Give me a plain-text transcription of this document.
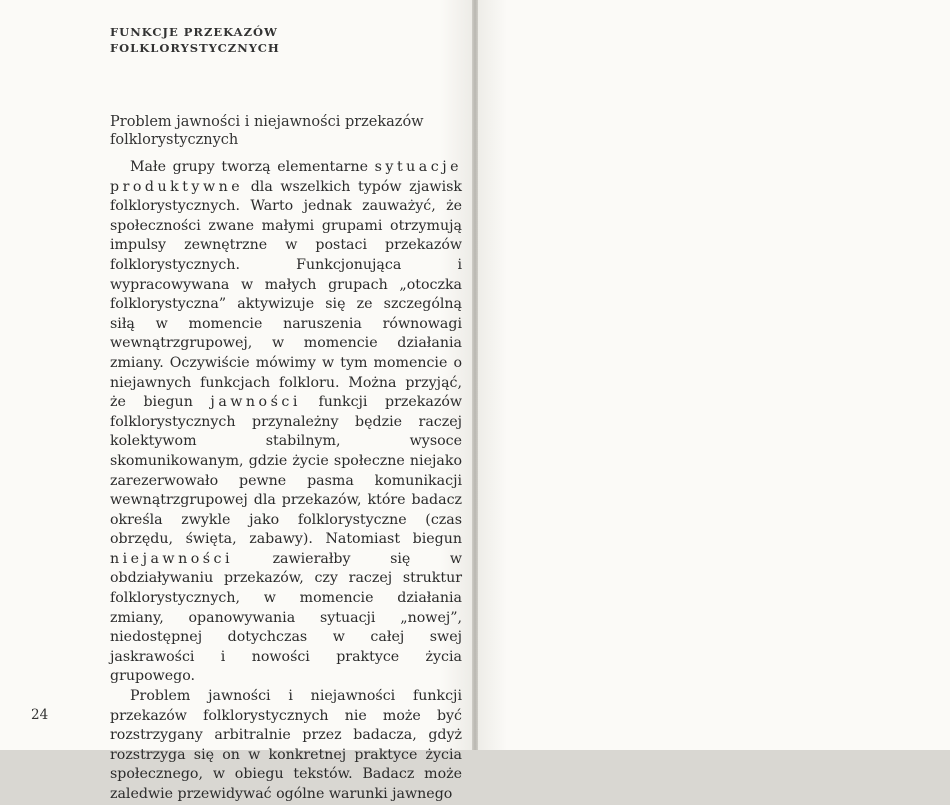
FUNKCJE PRZEKAZÓW FOLKLORYSTYCZNYCH
Problem jawności i niejawności przekazów folklorystycznych

Małe grupy tworzą elementarne sytuacje produktywne dla wszelkich typów zjawisk folklorystycznych. Warto jednak zauważyć, że społeczności zwane małymi grupami otrzymują impulsy zewnętrzne w postaci przekazów folklorystycznych. Funkcjonująca i wypracowywana w małych grupach „otoczka folklorystyczna” aktywizuje się ze szczególną siłą w momencie naruszenia równowagi wewnątrzgrupowej, w momencie działania zmiany. Oczywiście mówimy w tym momencie o niejawnych funkcjach folkloru. Można przyjąć, że biegun jawności funkcji przekazów folklorystycznych przynależny będzie raczej kolektywom stabilnym, wysoce skomunikowanym, gdzie życie społeczne niejako zarezerwowało pewne pasma komunikacji wewnątrzgrupowej dla przekazów, które badacz określa zwykle jako folklorystyczne (czas obrzędu, święta, zabawy). Natomiast biegun niejawności zawierałby się w obdziaływaniu przekazów, czy raczej struktur folklorystycznych, w momencie działania zmiany, opanowywania sytuacji „nowej”, niedostępnej dotychczas w całej swej jaskrawości i nowości praktyce życia grupowego.

Problem jawności i niejawności funkcji przekazów folklorystycznych nie może być rozstrzygany arbitralnie przez badacza, gdyż rozstrzyga się on w konkretnej praktyce życia społecznego, w obiegu tekstów. Badacz może zaledwie przewidywać ogólne warunki jawnego

24
